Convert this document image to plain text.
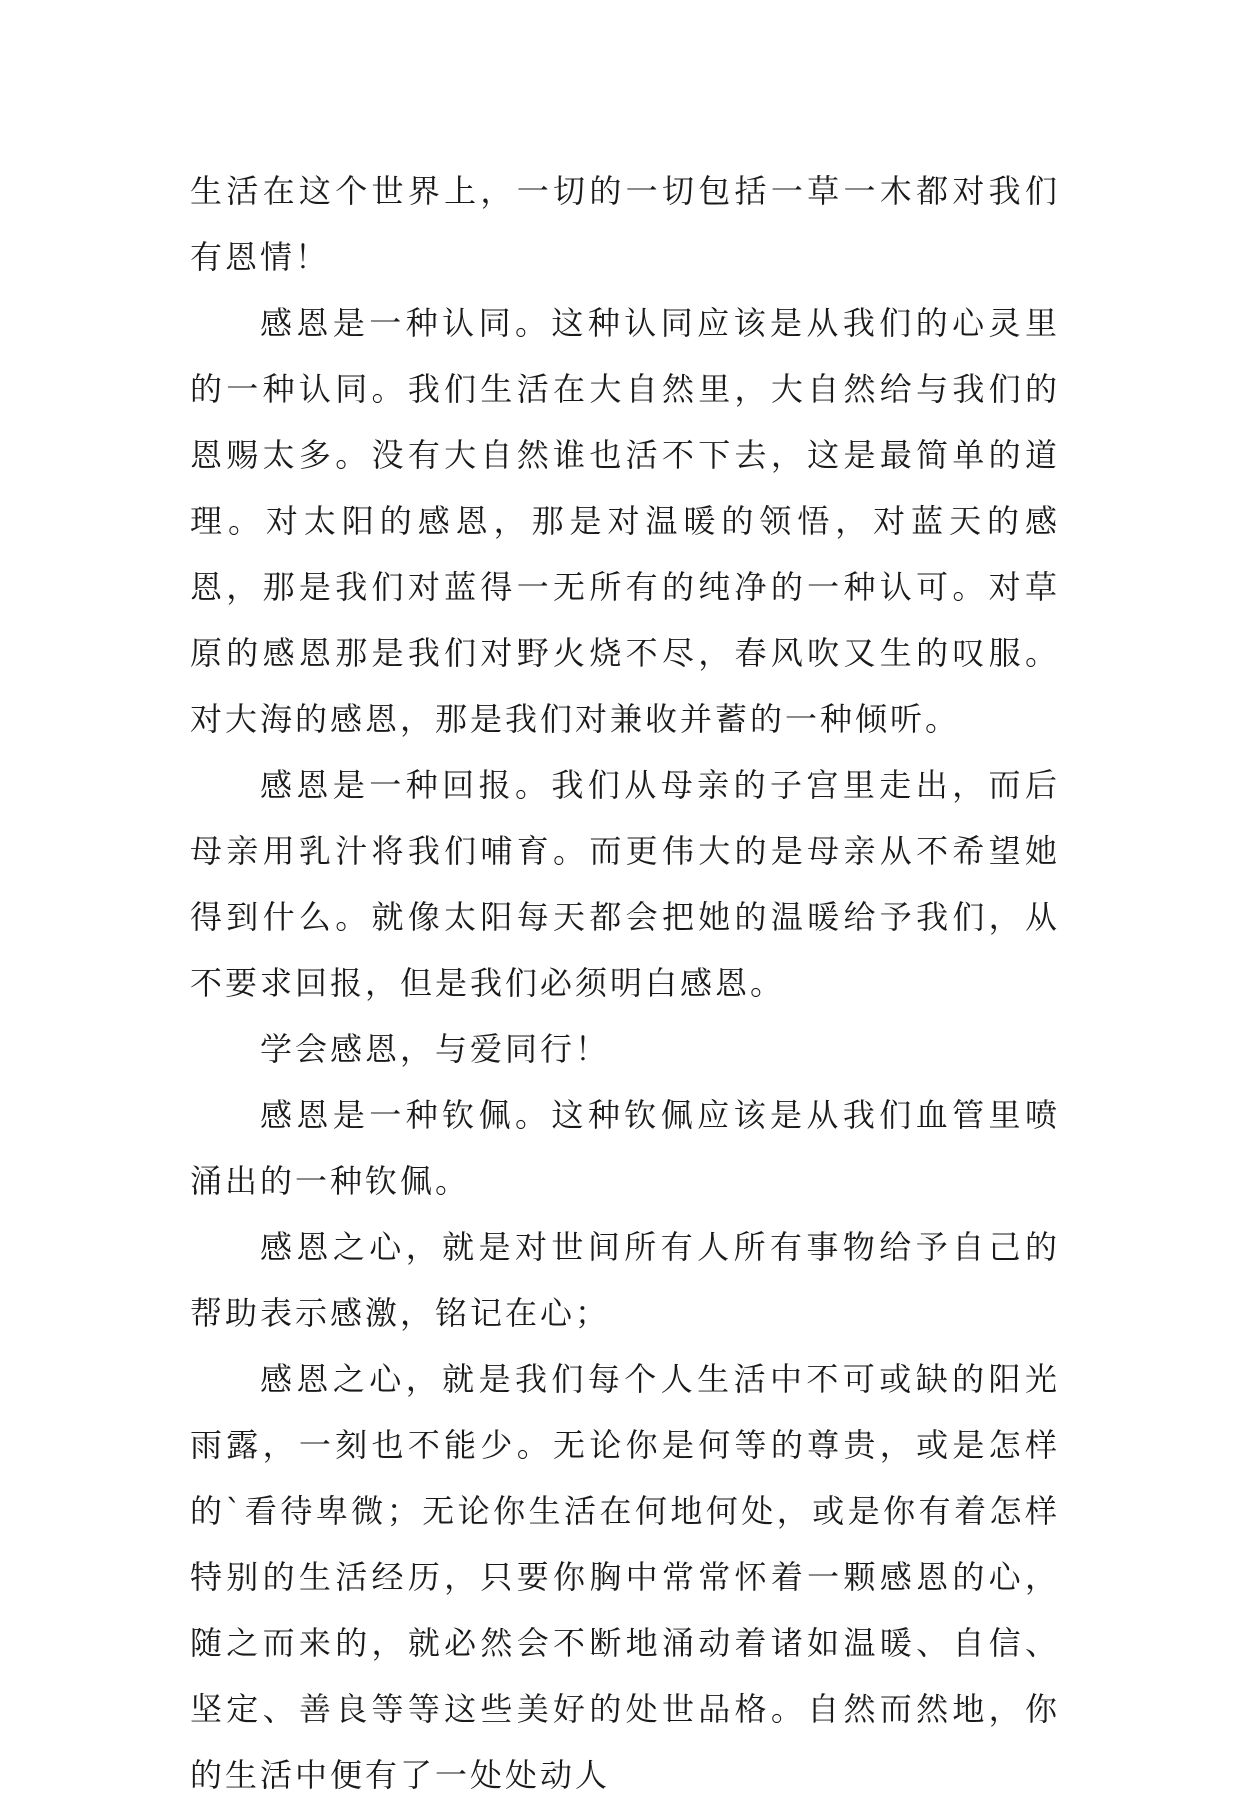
生活在这个世界上，一切的一切包括一草一木都对我们有恩情！

感恩是一种认同。这种认同应该是从我们的心灵里的一种认同。我们生活在大自然里，大自然给与我们的恩赐太多。没有大自然谁也活不下去，这是最简单的道理。对太阳的感恩，那是对温暖的领悟，对蓝天的感恩，那是我们对蓝得一无所有的纯净的一种认可。对草原的感恩那是我们对野火烧不尽，春风吹又生的叹服。对大海的感恩，那是我们对兼收并蓄的一种倾听。

感恩是一种回报。我们从母亲的子宫里走出，而后母亲用乳汁将我们哺育。而更伟大的是母亲从不希望她得到什么。就像太阳每天都会把她的温暖给予我们，从不要求回报，但是我们必须明白感恩。

学会感恩，与爱同行！

感恩是一种钦佩。这种钦佩应该是从我们血管里喷涌出的一种钦佩。

感恩之心，就是对世间所有人所有事物给予自己的帮助表示感激，铭记在心；

感恩之心，就是我们每个人生活中不可或缺的阳光雨露，一刻也不能少。无论你是何等的尊贵，或是怎样的`看待卑微；无论你生活在何地何处，或是你有着怎样特别的生活经历，只要你胸中常常怀着一颗感恩的心，随之而来的，就必然会不断地涌动着诸如温暖、自信、坚定、善良等等这些美好的处世品格。自然而然地，你的生活中便有了一处处动人
